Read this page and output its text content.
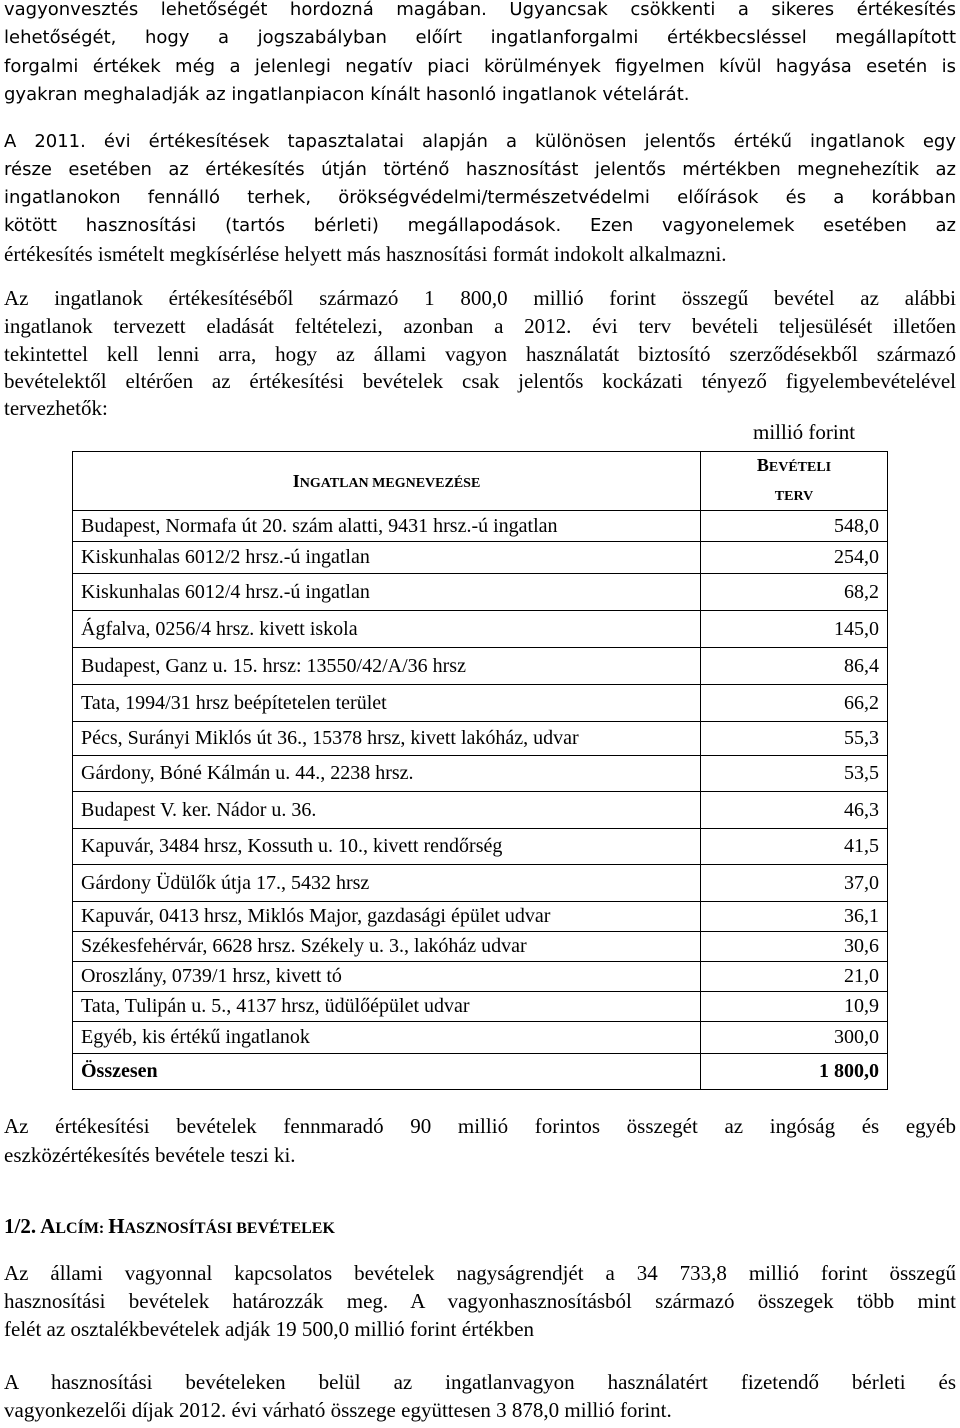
vagyonvesztés lehetőségét hordozná magában. Ugyancsak csökkenti a sikeres értékesítés
lehetőségét, hogy a jogszabályban előírt ingatlanforgalmi értékbecsléssel megállapított
forgalmi értékek még a jelenlegi negatív piaci körülmények figyelmen kívül hagyása esetén is
gyakran meghaladják az ingatlanpiacon kínált hasonló ingatlanok vételárát.
A 2011. évi értékesítések tapasztalatai alapján a különösen jelentős értékű ingatlanok egy
része esetében az értékesítés útján történő hasznosítást jelentős mértékben megnehezítik az
ingatlanokon fennálló terhek, örökségvédelmi/természetvédelmi előírások és a korábban
kötött hasznosítási (tartós bérleti) megállapodások. Ezen vagyonelemek esetében az
értékesítés ismételt megkísérlése helyett más hasznosítási formát indokolt alkalmazni.
Az ingatlanok értékesítéséből származó 1 800,0 millió forint összegű bevétel az alábbi
ingatlanok tervezett eladását feltételezi, azonban a 2012. évi terv bevételi teljesülését illetően
tekintettel kell lenni arra, hogy az állami vagyon használatát biztosító szerződésekből származó
bevételektől eltérően az értékesítési bevételek csak jelentős kockázati tényező figyelembevételével
tervezhetők:
millió forint
INGATLAN MEGNEVEZÉSE	BEVÉTELI
TERV
Budapest, Normafa út 20. szám alatti, 9431 hrsz.-ú ingatlan	548,0
Kiskunhalas 6012/2 hrsz.-ú ingatlan	254,0
Kiskunhalas 6012/4 hrsz.-ú ingatlan	68,2
Ágfalva, 0256/4 hrsz. kivett iskola	145,0
Budapest, Ganz u. 15. hrsz: 13550/42/A/36 hrsz	86,4
Tata, 1994/31 hrsz beépítetelen terület	66,2
Pécs, Surányi Miklós út 36., 15378 hrsz, kivett lakóház, udvar	55,3
Gárdony, Bóné Kálmán u. 44., 2238 hrsz.	53,5
Budapest V. ker. Nádor u. 36.	46,3
Kapuvár, 3484 hrsz, Kossuth u. 10., kivett rendőrség	41,5
Gárdony Üdülők útja 17., 5432 hrsz	37,0
Kapuvár, 0413 hrsz, Miklós Major, gazdasági épület udvar	36,1
Székesfehérvár, 6628 hrsz. Székely u. 3., lakóház udvar	30,6
Oroszlány, 0739/1 hrsz, kivett tó	21,0
Tata, Tulipán u. 5., 4137 hrsz, üdülőépület udvar	10,9
Egyéb, kis értékű ingatlanok	300,0
Összesen	1 800,0
Az értékesítési bevételek fennmaradó 90 millió forintos összegét az ingóság és egyéb
eszközértékesítés bevétele teszi ki.
1/2. ALCÍM: HASZNOSÍTÁSI BEVÉTELEK
Az állami vagyonnal kapcsolatos bevételek nagyságrendjét a 34 733,8 millió forint összegű
hasznosítási bevételek határozzák meg. A vagyonhasznosításból származó összegek több mint
felét az osztalékbevételek adják 19 500,0 millió forint értékben
A hasznosítási bevételeken belül az ingatlanvagyon használatért fizetendő bérleti és
vagyonkezelői díjak 2012. évi várható összege együttesen 3 878,0 millió forint.
